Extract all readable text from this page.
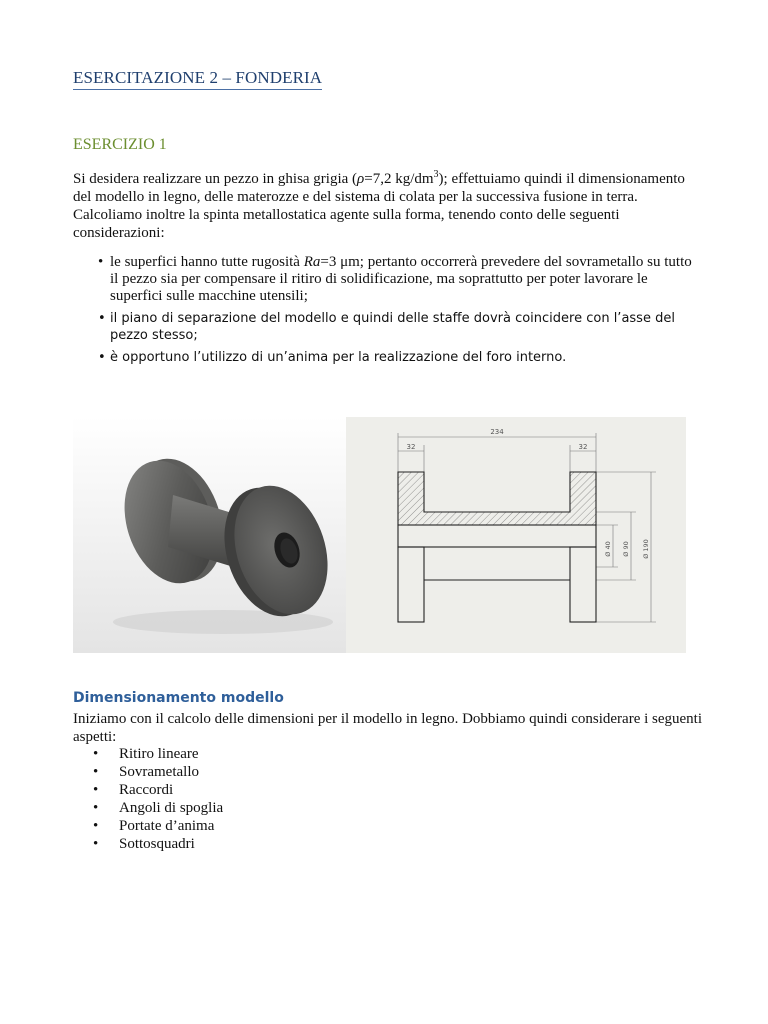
ESERCITAZIONE 2 – FONDERIA
ESERCIZIO 1

Si desidera realizzare un pezzo in ghisa grigia (ρ=7,2 $kg/dm^3$); effettuiamo quindi il dimensionamento del modello in legno, delle materozze e del sistema di colata per la successiva fusione in terra. Calcoliamo inoltre la spinta metallostatica agente sulla forma, tenendo conto delle seguenti considerazioni:

• le superfici hanno tutte rugosità Ra=3 μm; pertanto occorrerà prevedere del sovrametallo su tutto il pezzo sia per compensare il ritiro di solidificazione, ma soprattutto per poter lavorare le superfici sulle macchine utensili;
• il piano di separazione del modello e quindi delle staffe dovrà coincidere con l’asse del pezzo stesso;
• è opportuno l’utilizzo di un’anima per la realizzazione del foro interno.
234
32	32
Ø 40 Ø 90 Ø 190
Dimensionamento modello
Iniziamo con il calcolo delle dimensioni per il modello in legno. Dobbiamo quindi considerare i seguenti aspetti:
• Ritiro lineare
• Sovrametallo
• Raccordi
• Angoli di spoglia
• Portate d’anima
• Sottosquadri
